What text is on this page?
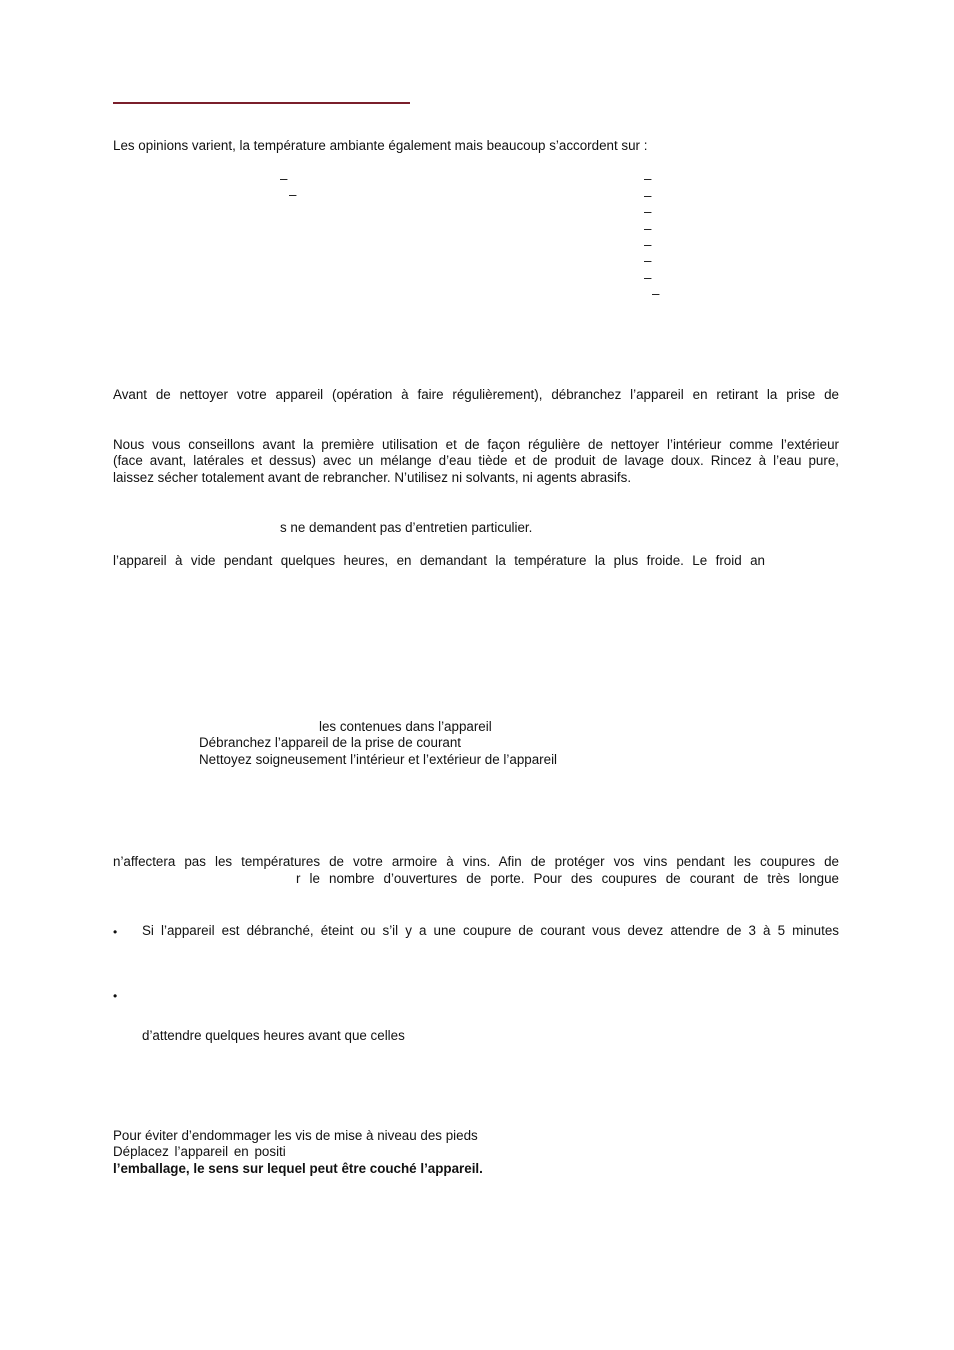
Les opinions varient, la température ambiante également mais beaucoup s’accordent sur :
–
–
–
–
–
–
–
–
–
–
Avant de nettoyer votre appareil (opération à faire régulièrement), débranchez l’appareil en retirant la prise de
Nous vous conseillons avant la première utilisation et de façon régulière de nettoyer l’intérieur comme l’extérieur
(face avant, latérales et dessus) avec un mélange d’eau tiède et de produit de lavage doux. Rincez à l’eau pure,
laissez sécher totalement avant de rebrancher. N’utilisez ni solvants, ni agents abrasifs.
s ne demandent pas d’entretien particulier.
l’appareil à vide pendant quelques heures, en demandant la température la plus froide. Le froid an
les contenues dans l’appareil
Débranchez l’appareil de la prise de courant
Nettoyez soigneusement l’intérieur et l’extérieur de l’appareil
n’affectera pas les températures de votre armoire à vins. Afin de protéger vos vins pendant les coupures de
r le nombre d’ouvertures de porte. Pour des coupures de courant de très longue
• Si l’appareil est débranché, éteint ou s’il y a une coupure de courant vous devez attendre de 3 à 5 minutes
•
d’attendre quelques heures avant que celles
Pour éviter d’endommager les vis de mise à niveau des pieds
Déplacez l’appareil en positi
l’emballage, le sens sur lequel peut être couché l’appareil.
